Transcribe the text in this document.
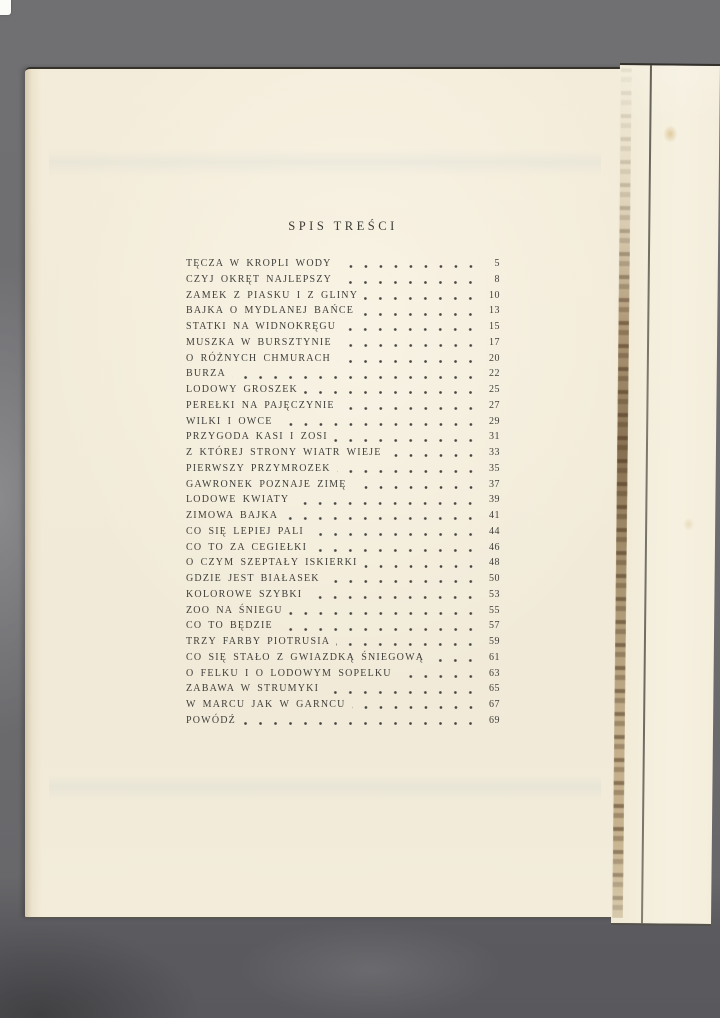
SPIS TREŚCI
TĘCZA W KROPLI WODY	5
CZYJ OKRĘT NAJLEPSZY	8
ZAMEK Z PIASKU I Z GLINY	10
BAJKA O MYDLANEJ BAŃCE	13
STATKI NA WIDNOKRĘGU	15
MUSZKA W BURSZTYNIE	17
O RÓŻNYCH CHMURACH	20
BURZA	22
LODOWY GROSZEK	25
PEREŁKI NA PAJĘCZYNIE	27
WILKI I OWCE	29
PRZYGODA KASI I ZOSI	31
Z KTÓREJ STRONY WIATR WIEJE	33
PIERWSZY PRZYMROZEK	35
GAWRONEK POZNAJE ZIMĘ	37
LODOWE KWIATY	39
ZIMOWA BAJKA	41
CO SIĘ LEPIEJ PALI	44
CO TO ZA CEGIEŁKI	46
O CZYM SZEPTAŁY ISKIERKI	48
GDZIE JEST BIAŁASEK	50
KOLOROWE SZYBKI	53
ZOO NA ŚNIEGU	55
CO TO BĘDZIE	57
TRZY FARBY PIOTRUSIA	59
CO SIĘ STAŁO Z GWIAZDKĄ ŚNIEGOWĄ	61
O FELKU I O LODOWYM SOPELKU	63
ZABAWA W STRUMYKI	65
W MARCU JAK W GARNCU	67
POWÓDŹ	69
